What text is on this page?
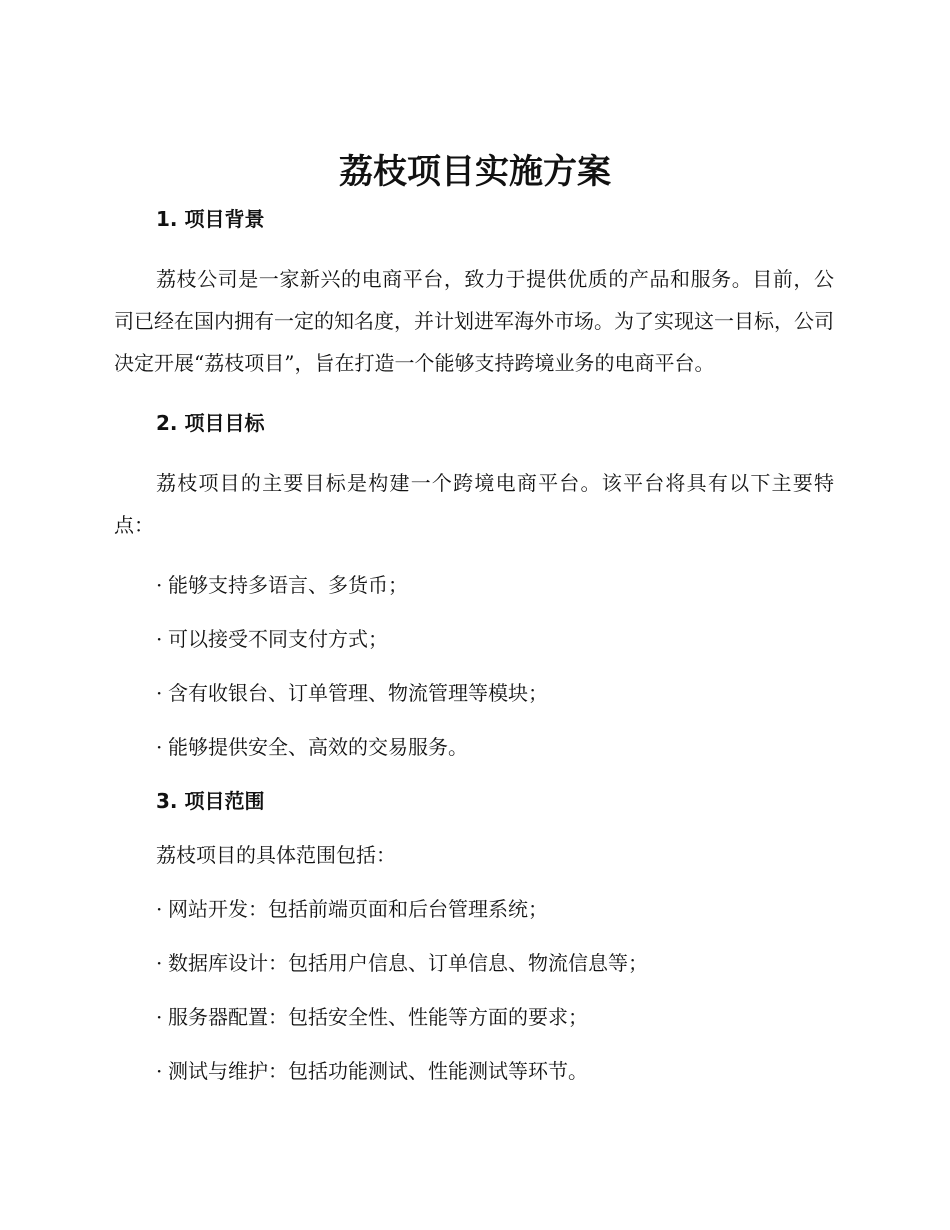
荔枝项目实施方案
1. 项目背景

荔枝公司是一家新兴的电商平台，致力于提供优质的产品和服务。目前，公司已经在国内拥有一定的知名度，并计划进军海外市场。为了实现这一目标，公司决定开展“荔枝项目”，旨在打造一个能够支持跨境业务的电商平台。

2. 项目目标

荔枝项目的主要目标是构建一个跨境电商平台。该平台将具有以下主要特点：

· 能够支持多语言、多货币；
· 可以接受不同支付方式；
· 含有收银台、订单管理、物流管理等模块；
· 能够提供安全、高效的交易服务。
3. 项目范围

荔枝项目的具体范围包括：

· 网站开发：包括前端页面和后台管理系统；
· 数据库设计：包括用户信息、订单信息、物流信息等；
· 服务器配置：包括安全性、性能等方面的要求；
· 测试与维护：包括功能测试、性能测试等环节。
